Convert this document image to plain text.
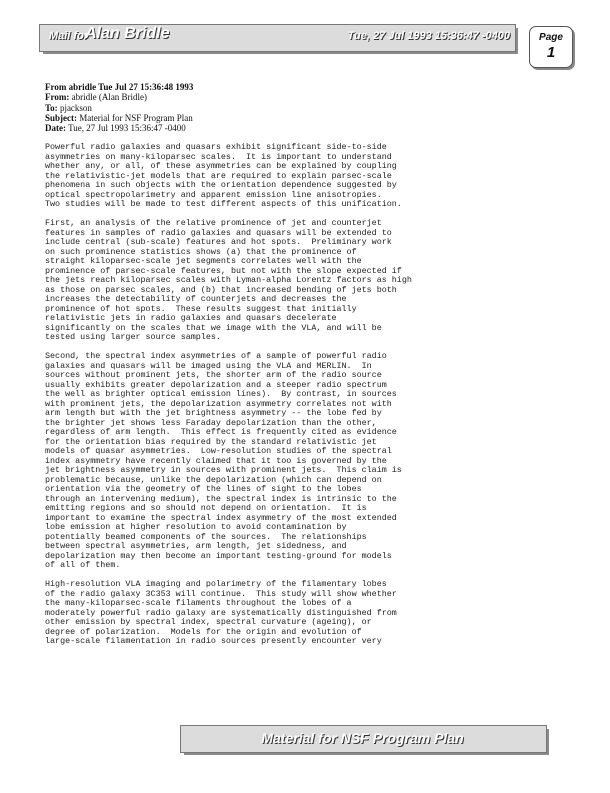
Mail for
Alan Bridle	Tue, 27 Jul 1993 15:36:47 -0400	Page
1
From abridle Tue Jul 27 15:36:48 1993
From: abridle (Alan Bridle)
To: pjackson
Subject: Material for NSF Program Plan
Date: Tue, 27 Jul 1993 15:36:47 -0400

Powerful radio galaxies and quasars exhibit significant side-to-side
asymmetries on many-kiloparsec scales.  It is important to understand
whether any, or all, of these asymmetries can be explained by coupling
the relativistic-jet models that are required to explain parsec-scale
phenomena in such objects with the orientation dependence suggested by
optical spectropolarimetry and apparent emission line anisotropies.
Two studies will be made to test different aspects of this unification.

First, an analysis of the relative prominence of jet and counterjet
features in samples of radio galaxies and quasars will be extended to
include central (sub-scale) features and hot spots.  Preliminary work
on such prominence statistics shows (a) that the prominence of
straight kiloparsec-scale jet segments correlates well with the
prominence of parsec-scale features, but not with the slope expected if
the jets reach kiloparsec scales with Lyman-alpha Lorentz factors as high
as those on parsec scales, and (b) that increased bending of jets both
increases the detectability of counterjets and decreases the
prominence of hot spots.  These results suggest that initially
relativistic jets in radio galaxies and quasars decelerate
significantly on the scales that we image with the VLA, and will be
tested using larger source samples.

Second, the spectral index asymmetries of a sample of powerful radio
galaxies and quasars will be imaged using the VLA and MERLIN.  In
sources without prominent jets, the shorter arm of the radio source
usually exhibits greater depolarization and a steeper radio spectrum
the well as brighter optical emission lines).  By contrast, in sources
with prominent jets, the depolarization asymmetry correlates not with
arm length but with the jet brightness asymmetry -- the lobe fed by
the brighter jet shows less Faraday depolarization than the other,
regardless of arm length.  This effect is frequently cited as evidence
for the orientation bias required by the standard relativistic jet
models of quasar asymmetries.  Low-resolution studies of the spectral
index asymmetry have recently claimed that it too is governed by the
jet brightness asymmetry in sources with prominent jets.  This claim is
problematic because, unlike the depolarization (which can depend on
orientation via the geometry of the lines of sight to the lobes
through an intervening medium), the spectral index is intrinsic to the
emitting regions and so should not depend on orientation.  It is
important to examine the spectral index asymmetry of the most extended
lobe emission at higher resolution to avoid contamination by
potentially beamed components of the sources.  The relationships
between spectral asymmetries, arm length, jet sidedness, and
depolarization may then become an important testing-ground for models
of all of them.

High-resolution VLA imaging and polarimetry of the filamentary lobes
of the radio galaxy 3C353 will continue.  This study will show whether
the many-kiloparsec-scale filaments throughout the lobes of a
moderately powerful radio galaxy are systematically distinguished from
other emission by spectral index, spectral curvature (ageing), or
degree of polarization.  Models for the origin and evolution of
large-scale filamentation in radio sources presently encounter very

Material for NSF Program Plan
